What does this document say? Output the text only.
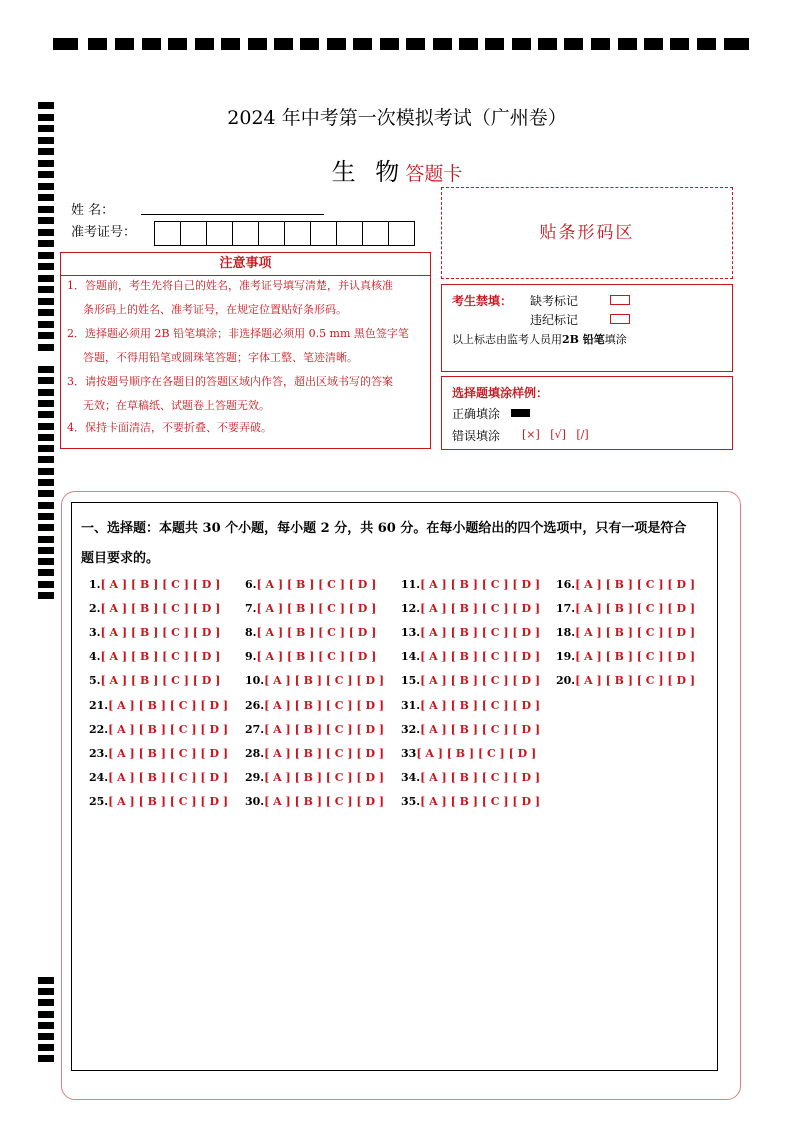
2024 年中考第一次模拟考试（广州卷）
生 物答题卡
姓 名：
准考证号：
注意事项
1．答题前，考生先将自己的姓名，准考证号填写清楚，并认真核准
条形码上的姓名、准考证号，在规定位置贴好条形码。
2．选择题必须用 2B 铅笔填涂；非选择题必须用 0.5 mm 黑色签字笔
答题，不得用铅笔或圆珠笔答题；字体工整、笔迹清晰。
3．请按题号顺序在各题目的答题区域内作答，超出区域书写的答案
无效；在草稿纸、试题卷上答题无效。
4．保持卡面清洁，不要折叠、不要弄破。
贴条形码区
考生禁填： 缺考标记
违纪标记
以上标志由监考人员用2B 铅笔填涂
选择题填涂样例：
正确填涂
错误填涂 [×]   [√]   [/]
一、选择题：本题共 30 个小题，每小题 2 分，共 60 分。在每小题给出的四个选项中，只有一项是符合
题目要求的。
1.[ A ] [ B ] [ C ] [ D ]
2.[ A ] [ B ] [ C ] [ D ]
3.[ A ] [ B ] [ C ] [ D ]
4.[ A ] [ B ] [ C ] [ D ]
5.[ A ] [ B ] [ C ] [ D ]
6.[ A ] [ B ] [ C ] [ D ]
7.[ A ] [ B ] [ C ] [ D ]
8.[ A ] [ B ] [ C ] [ D ]
9.[ A ] [ B ] [ C ] [ D ]
10.[ A ] [ B ] [ C ] [ D ]
11.[ A ] [ B ] [ C ] [ D ]
12.[ A ] [ B ] [ C ] [ D ]
13.[ A ] [ B ] [ C ] [ D ]
14.[ A ] [ B ] [ C ] [ D ]
15.[ A ] [ B ] [ C ] [ D ]
16.[ A ] [ B ] [ C ] [ D ]
17.[ A ] [ B ] [ C ] [ D ]
18.[ A ] [ B ] [ C ] [ D ]
19.[ A ] [ B ] [ C ] [ D ]
20.[ A ] [ B ] [ C ] [ D ]
21.[ A ] [ B ] [ C ] [ D ]
22.[ A ] [ B ] [ C ] [ D ]
23.[ A ] [ B ] [ C ] [ D ]
24.[ A ] [ B ] [ C ] [ D ]
25.[ A ] [ B ] [ C ] [ D ]
26.[ A ] [ B ] [ C ] [ D ]
27.[ A ] [ B ] [ C ] [ D ]
28.[ A ] [ B ] [ C ] [ D ]
29.[ A ] [ B ] [ C ] [ D ]
30.[ A ] [ B ] [ C ] [ D ]
31.[ A ] [ B ] [ C ] [ D ]
32.[ A ] [ B ] [ C ] [ D ]
33[ A ] [ B ] [ C ] [ D ]
34.[ A ] [ B ] [ C ] [ D ]
35.[ A ] [ B ] [ C ] [ D ]
